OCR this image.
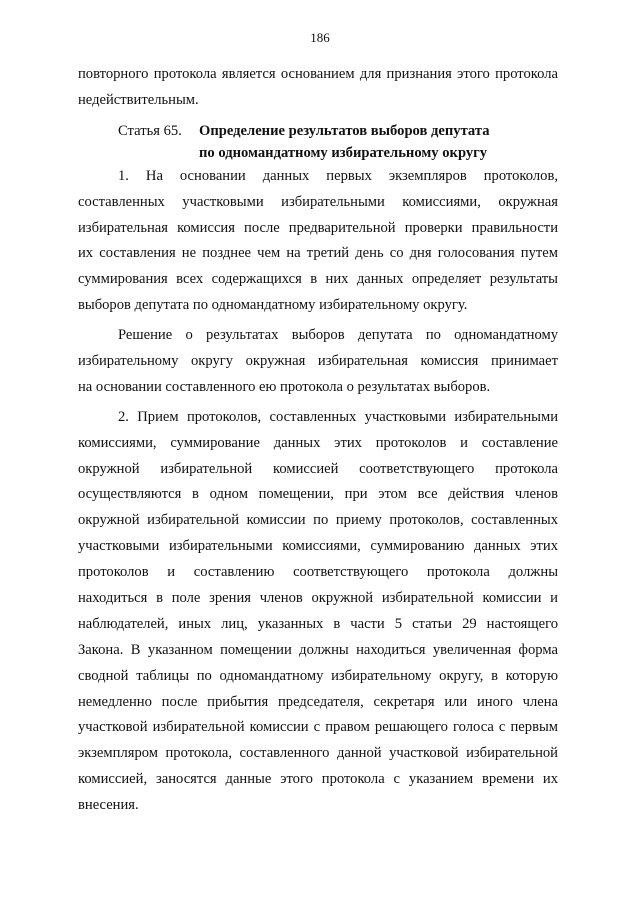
186
повторного протокола является основанием для признания этого протокола
недействительным.
Статья 65. Определение результатов выборов депутата
по одномандатному избирательному округу
1. На основании данных первых экземпляров протоколов,
составленных участковыми избирательными комиссиями, окружная
избирательная комиссия после предварительной проверки правильности
их составления не позднее чем на третий день со дня голосования путем
суммирования всех содержащихся в них данных определяет результаты
выборов депутата по одномандатному избирательному округу.
Решение о результатах выборов депутата по одномандатному
избирательному округу окружная избирательная комиссия принимает
на основании составленного ею протокола о результатах выборов.
2. Прием протоколов, составленных участковыми избирательными
комиссиями, суммирование данных этих протоколов и составление
окружной избирательной комиссией соответствующего протокола
осуществляются в одном помещении, при этом все действия членов
окружной избирательной комиссии по приему протоколов, составленных
участковыми избирательными комиссиями, суммированию данных этих
протоколов и составлению соответствующего протокола должны
находиться в поле зрения членов окружной избирательной комиссии и
наблюдателей, иных лиц, указанных в части 5 статьи 29 настоящего
Закона. В указанном помещении должны находиться увеличенная форма
сводной таблицы по одномандатному избирательному округу, в которую
немедленно после прибытия председателя, секретаря или иного члена
участковой избирательной комиссии с правом решающего голоса с первым
экземпляром протокола, составленного данной участковой избирательной
комиссией, заносятся данные этого протокола с указанием времени их
внесения.
